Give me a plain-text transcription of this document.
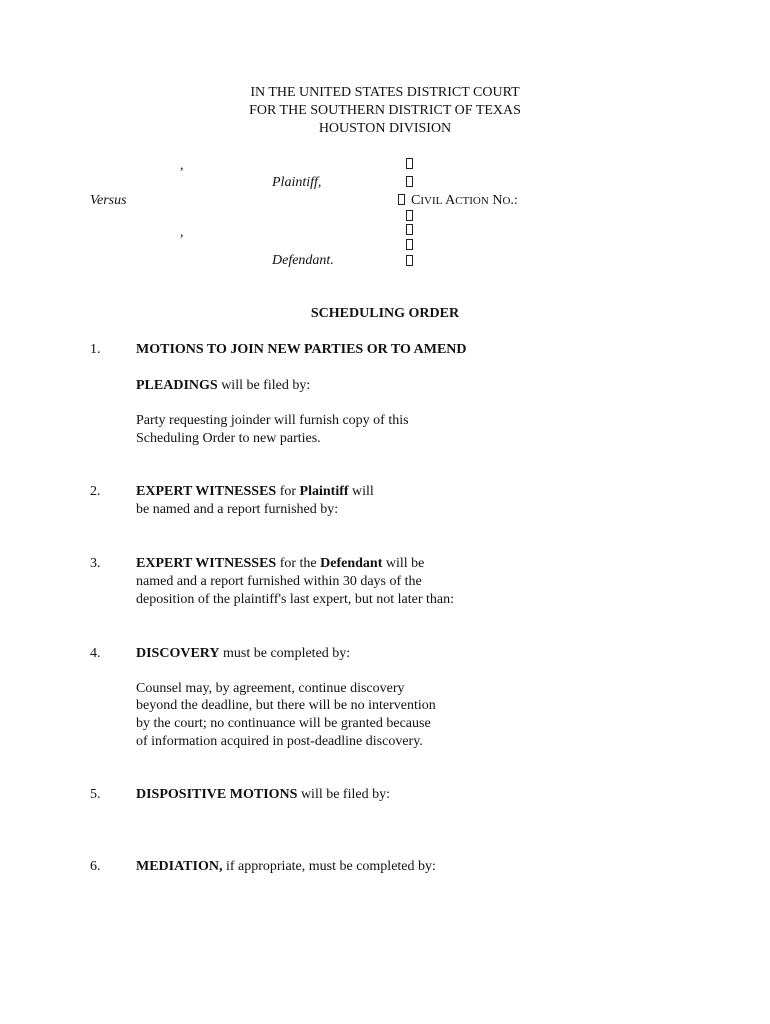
IN THE UNITED STATES DISTRICT COURT
FOR THE SOUTHERN DISTRICT OF TEXAS
HOUSTON DIVISION
,
Plaintiff,
Versus
,
Defendant.
CIVIL ACTION NO.:
SCHEDULING ORDER
1.	MOTIONS TO JOIN NEW PARTIES OR TO AMEND
PLEADINGS will be filed by:
Party requesting joinder will furnish copy of this
Scheduling Order to new parties.
2.	EXPERT WITNESSES for Plaintiff will
be named and a report furnished by:
3.	EXPERT WITNESSES for the Defendant will be
named and a report furnished within 30 days of the
deposition of the plaintiff's last expert, but not later than:
4.	DISCOVERY must be completed by:
Counsel may, by agreement, continue discovery
beyond the deadline, but there will be no intervention
by the court; no continuance will be granted because
of information acquired in post-deadline discovery.
5.	DISPOSITIVE MOTIONS will be filed by:
6.	MEDIATION, if appropriate, must be completed by:
